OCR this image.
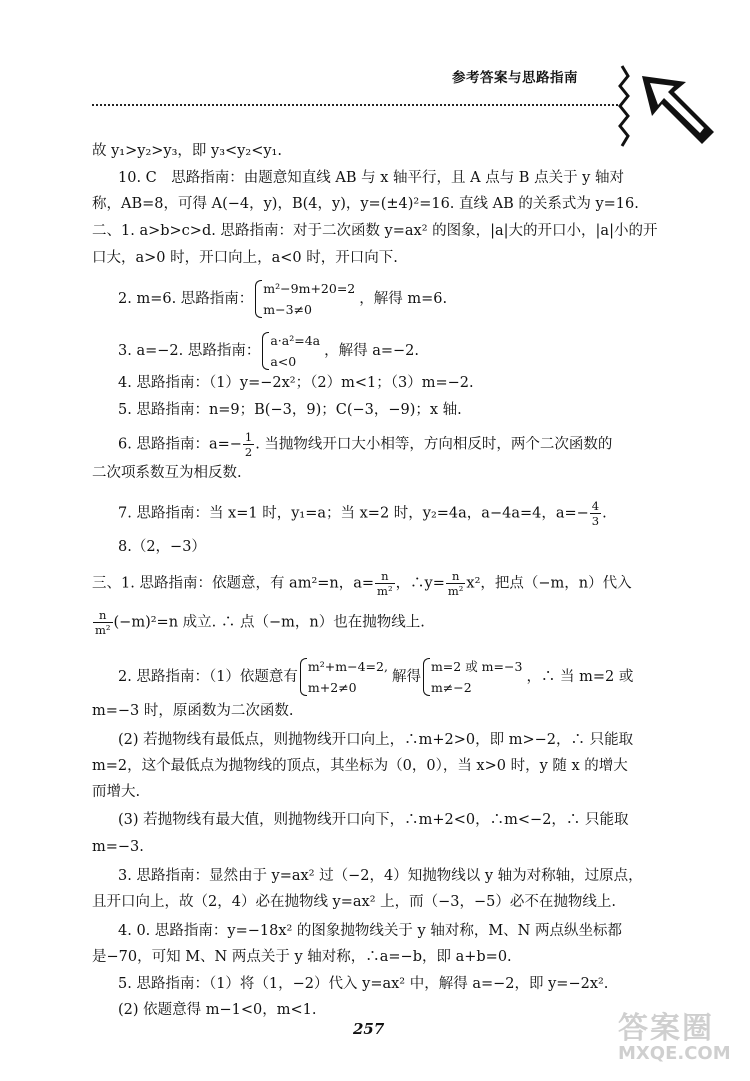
参考答案与思路指南
故 y₁>y₂>y₃，即 y₃<y₂<y₁.
10. C　思路指南：由题意知直线 AB 与 x 轴平行，且 A 点与 B 点关于 y 轴对
称，AB=8，可得 A(−4，y)，B(4，y)，y=(±4)²=16. 直线 AB 的关系式为 y=16.
二、1. a>b>c>d. 思路指南：对于二次函数 y=ax² 的图象，|a|大的开口小，|a|小的开
口大，a>0 时，开口向上，a<0 时，开口向下.
2. m=6. 思路指南：
m²−9m+20=2
m−3≠0
，解得 m=6.
3. a=−2. 思路指南：
a·a²=4a
a<0
，解得 a=−2.
4. 思路指南：（1）y=−2x²；（2）m<1；（3）m=−2.
5. 思路指南：n=9；B(−3，9)；C(−3，−9)；x 轴.
6. 思路指南：$a=- \frac{1}{2}$ . 当抛物线开口大小相等，方向相反时，两个二次函数的
二次项系数互为相反数.
7. 思路指南：当 x=1 时，y₁=a；当 x=2 时，y₂=4a，a−4a=4，$a=- \frac{4}{3}$ .
8.（2，−3）
三、1. 思路指南：依题意，有 am²=n，$a= \frac{n}{\text{m²}}$ ，∴y= $\frac{n}{\text{m²}} x^2$，把点（−m，n）代入
$\frac{n}{\text{m²}} (-m)^2=n$ 成立. ∴ 点（−m，n）也在抛物线上.
2. 思路指南：（1）依题意有
m²+m−4=2,
m+2≠0
解得
m=2 或 m=−3
m≠−2
，∴ 当 m=2 或
m=−3 时，原函数为二次函数.
(2) 若抛物线有最低点，则抛物线开口向上，∴m+2>0，即 m>−2，∴ 只能取
m=2，这个最低点为抛物线的顶点，其坐标为（0，0），当 x>0 时，y 随 x 的增大
而增大.
(3) 若抛物线有最大值，则抛物线开口向下，∴m+2<0，∴m<−2，∴ 只能取
m=−3.
3. 思路指南：显然由于 y=ax² 过（−2，4）知抛物线以 y 轴为对称轴，过原点，
且开口向上，故（2，4）必在抛物线 y=ax² 上，而（−3，−5）必不在抛物线上.
4. 0. 思路指南：y=−18x² 的图象抛物线关于 y 轴对称，M、N 两点纵坐标都
是−70，可知 M、N 两点关于 y 轴对称，∴a=−b，即 a+b=0.
5. 思路指南：（1）将（1，−2）代入 y=ax² 中，解得 a=−2，即 y=−2x².
(2) 依题意得 m−1<0，m<1.
257	答案圈
MXQE.COM
